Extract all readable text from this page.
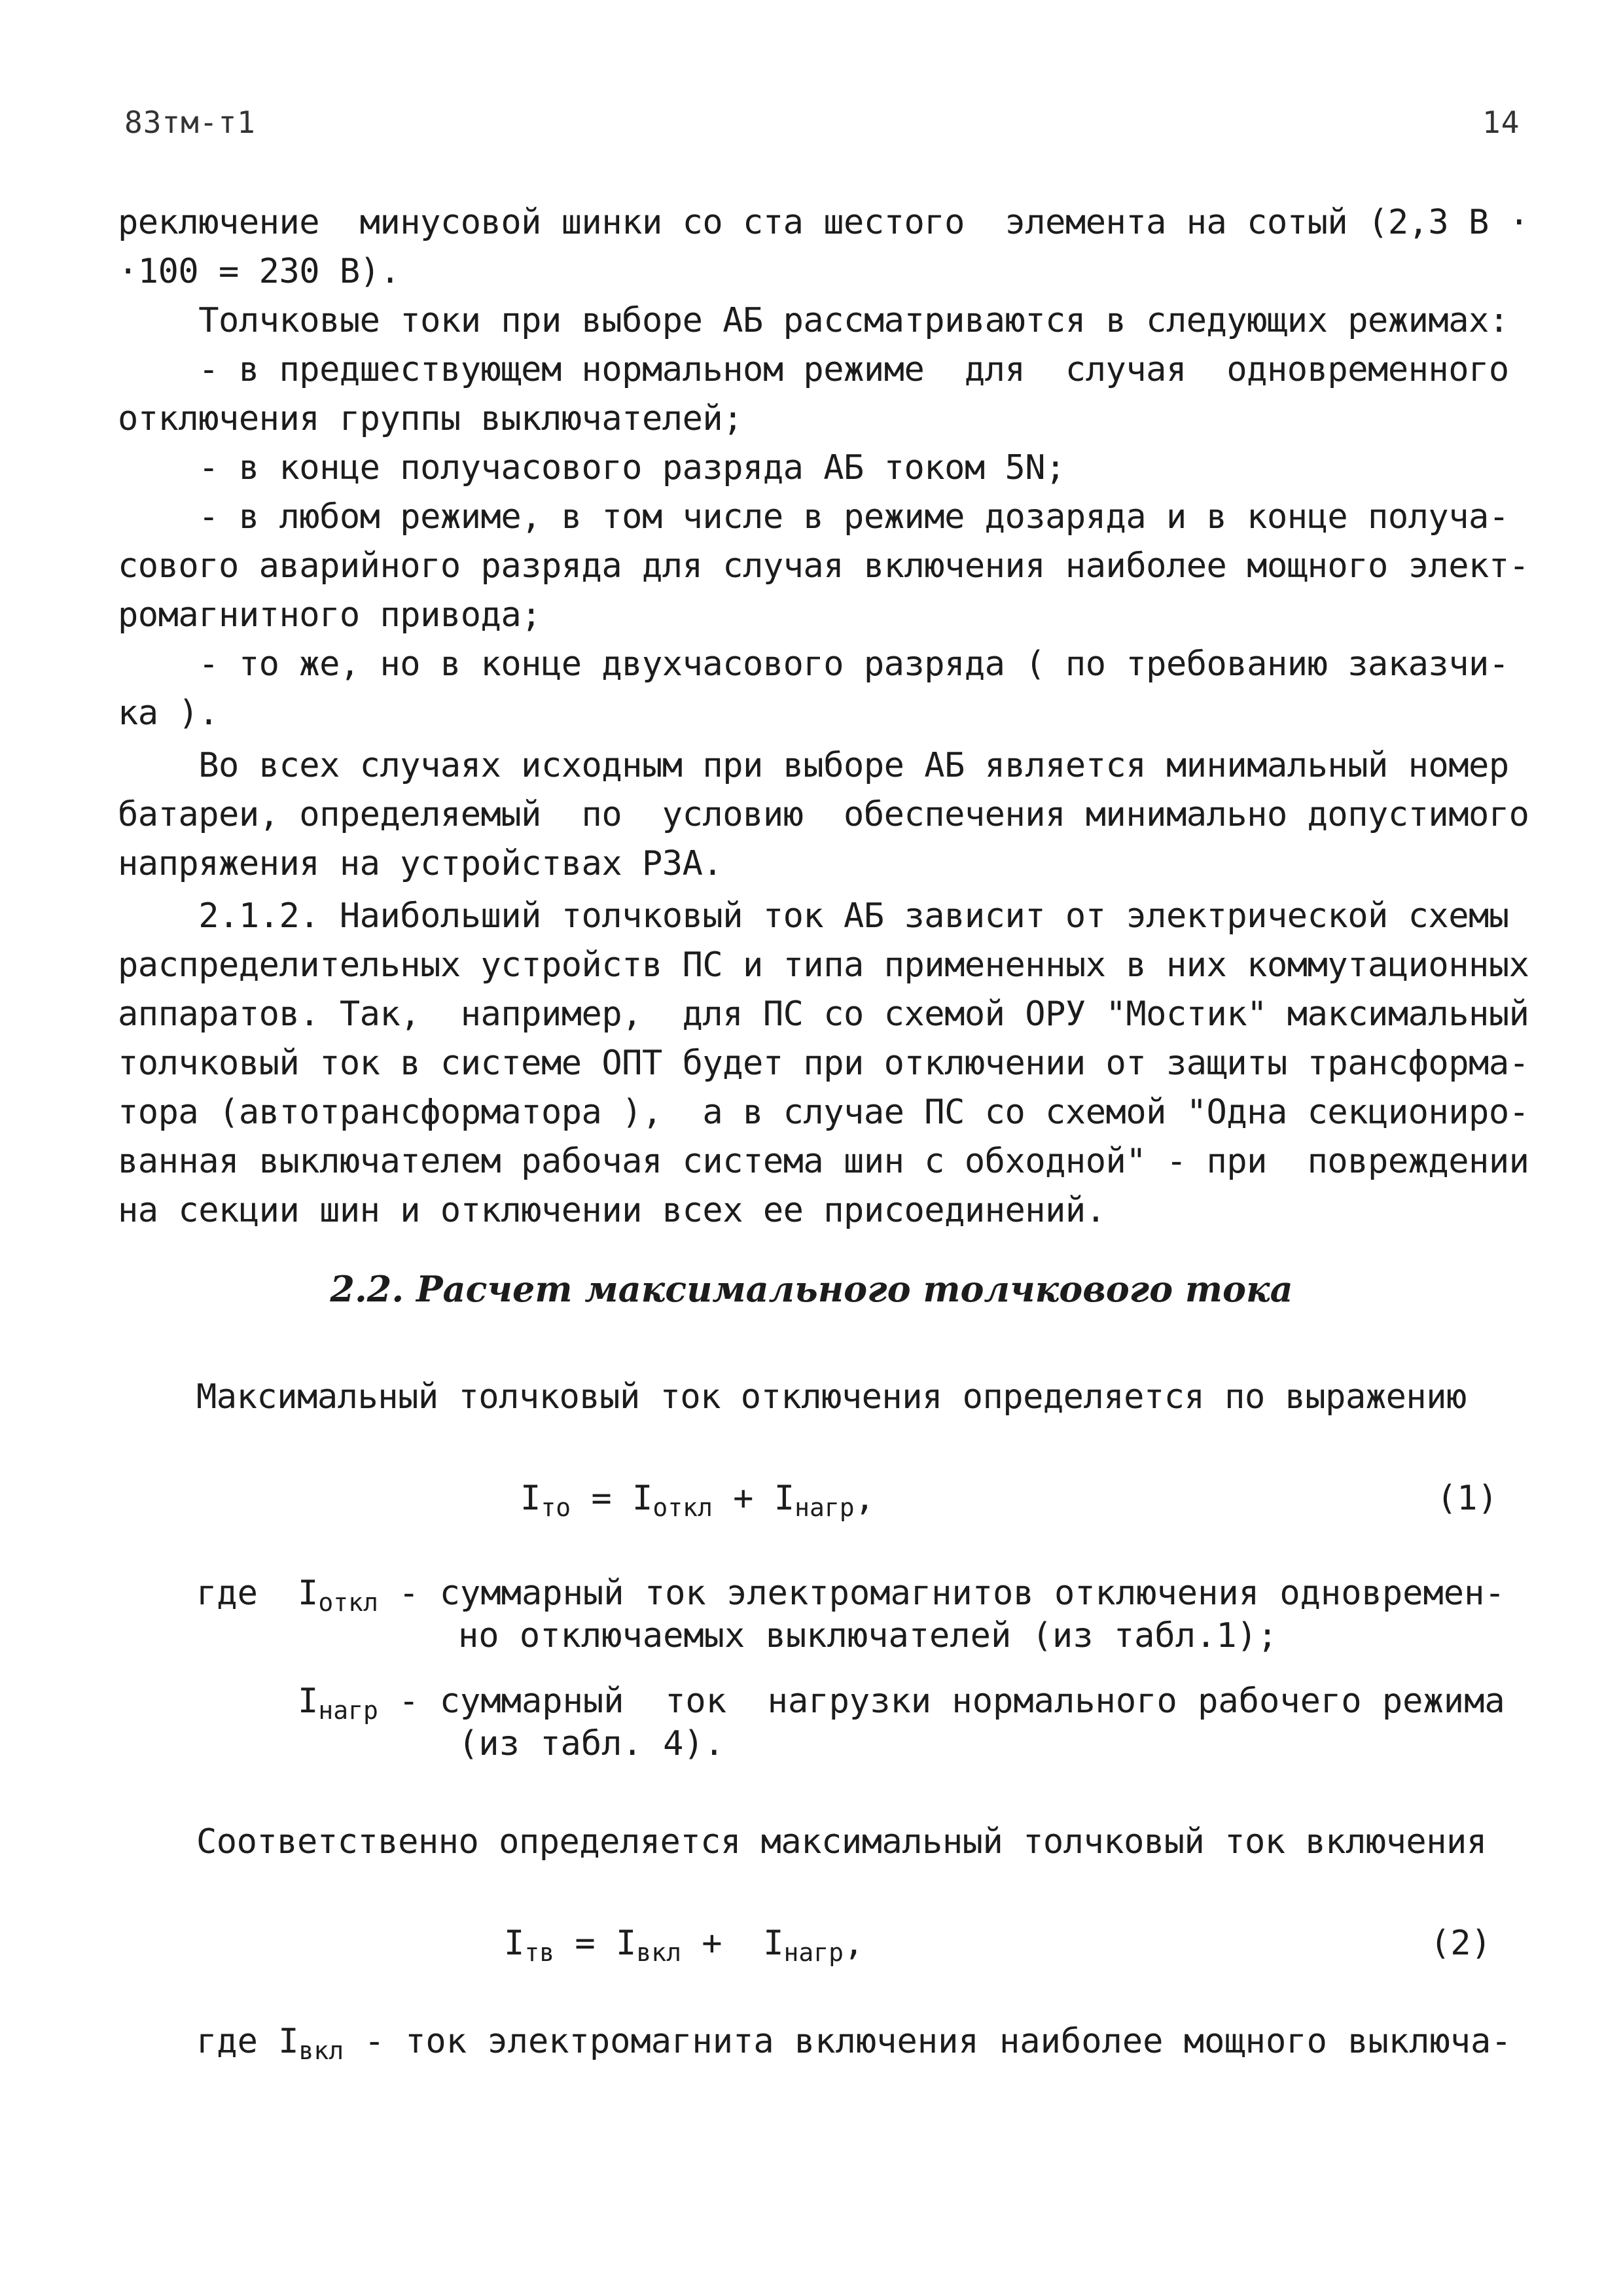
83тм-т1	14
реключение  минусовой шинки со ста шестого  элемента на сотый (2,3 В ·
·100 = 230 В).
Толчковые токи при выборе АБ рассматриваются в следующих режимах:
- в предшествующем нормальном режиме  для  случая  одновременного
отключения группы выключателей;
- в конце получасового разряда АБ током 5N;
- в любом режиме, в том числе в режиме дозаряда и в конце получа-
сового аварийного разряда для случая включения наиболее мощного элект-
ромагнитного привода;
- то же, но в конце двухчасового разряда ( по требованию заказчи-
ка ).
Во всех случаях исходным при выборе АБ является минимальный номер
батареи, определяемый  по  условию  обеспечения минимально допустимого
напряжения на устройствах РЗА.
2.1.2. Наибольший толчковый ток АБ зависит от электрической схемы
распределительных устройств ПС и типа примененных в них коммутационных
аппаратов. Так,  например,  для ПС со схемой ОРУ "Мостик" максимальный
толчковый ток в системе ОПТ будет при отключении от защиты трансформа-
тора (автотрансформатора ),  а в случае ПС со схемой "Одна секциониро-
ванная выключателем рабочая система шин с обходной" - при  повреждении
на секции шин и отключении всех ее присоединений.
2.2. Расчет максимального толчкового тока
Максимальный толчковый ток отключения определяется по выражению
$I_{то} = I_{откл} + I_{нагр}$,	(1)
где $I_{откл}$ - суммарный ток электромагнитов отключения одновремен-
но отключаемых выключателей (из табл.1);
$I_{нагр}$ - суммарный  ток  нагрузки нормального рабочего режима
(из табл. 4).
Соответственно определяется максимальный толчковый ток включения
$I_{тв} = I_{вкл} + I_{нагр}$,	(2)
где $I_{вкл}$ - ток электромагнита включения наиболее мощного выключа-
